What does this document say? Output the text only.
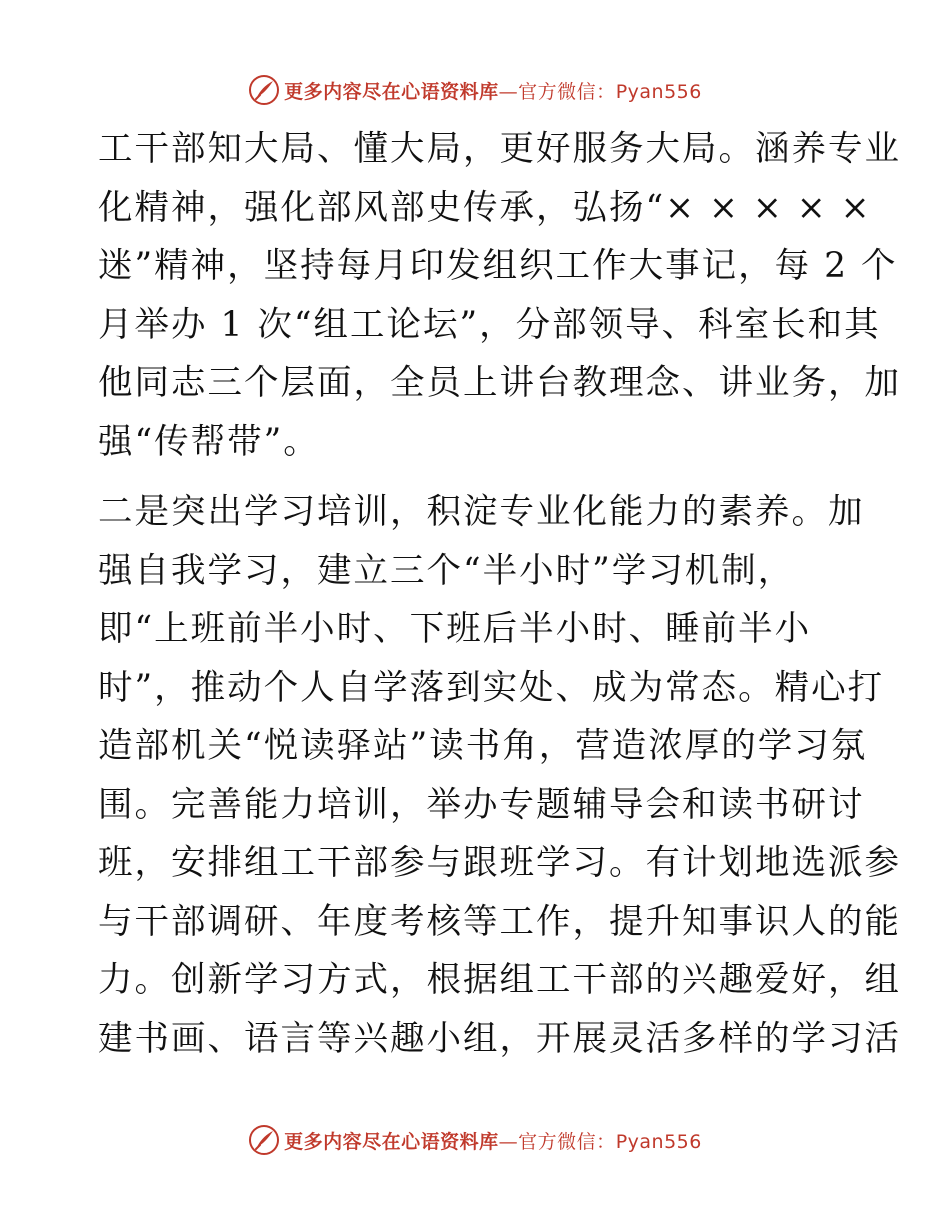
更多内容尽在心语资料库—官方微信：Pyan556

工干部知大局、懂大局，更好服务大局。涵养专业
化精神，强化部风部史传承，弘扬“× × × × ×
迷”精神，坚持每月印发组织工作大事记，每 2 个
月举办 1 次“组工论坛”，分部领导、科室长和其
他同志三个层面，全员上讲台教理念、讲业务，加
强“传帮带”。

二是突出学习培训，积淀专业化能力的素养。加
强自我学习，建立三个“半小时”学习机制，
即“上班前半小时、下班后半小时、睡前半小
时”，推动个人自学落到实处、成为常态。精心打
造部机关“悦读驿站”读书角，营造浓厚的学习氛
围。完善能力培训，举办专题辅导会和读书研讨
班，安排组工干部参与跟班学习。有计划地选派参
与干部调研、年度考核等工作，提升知事识人的能
力。创新学习方式，根据组工干部的兴趣爱好，组
建书画、语言等兴趣小组，开展灵活多样的学习活

更多内容尽在心语资料库—官方微信：Pyan556
